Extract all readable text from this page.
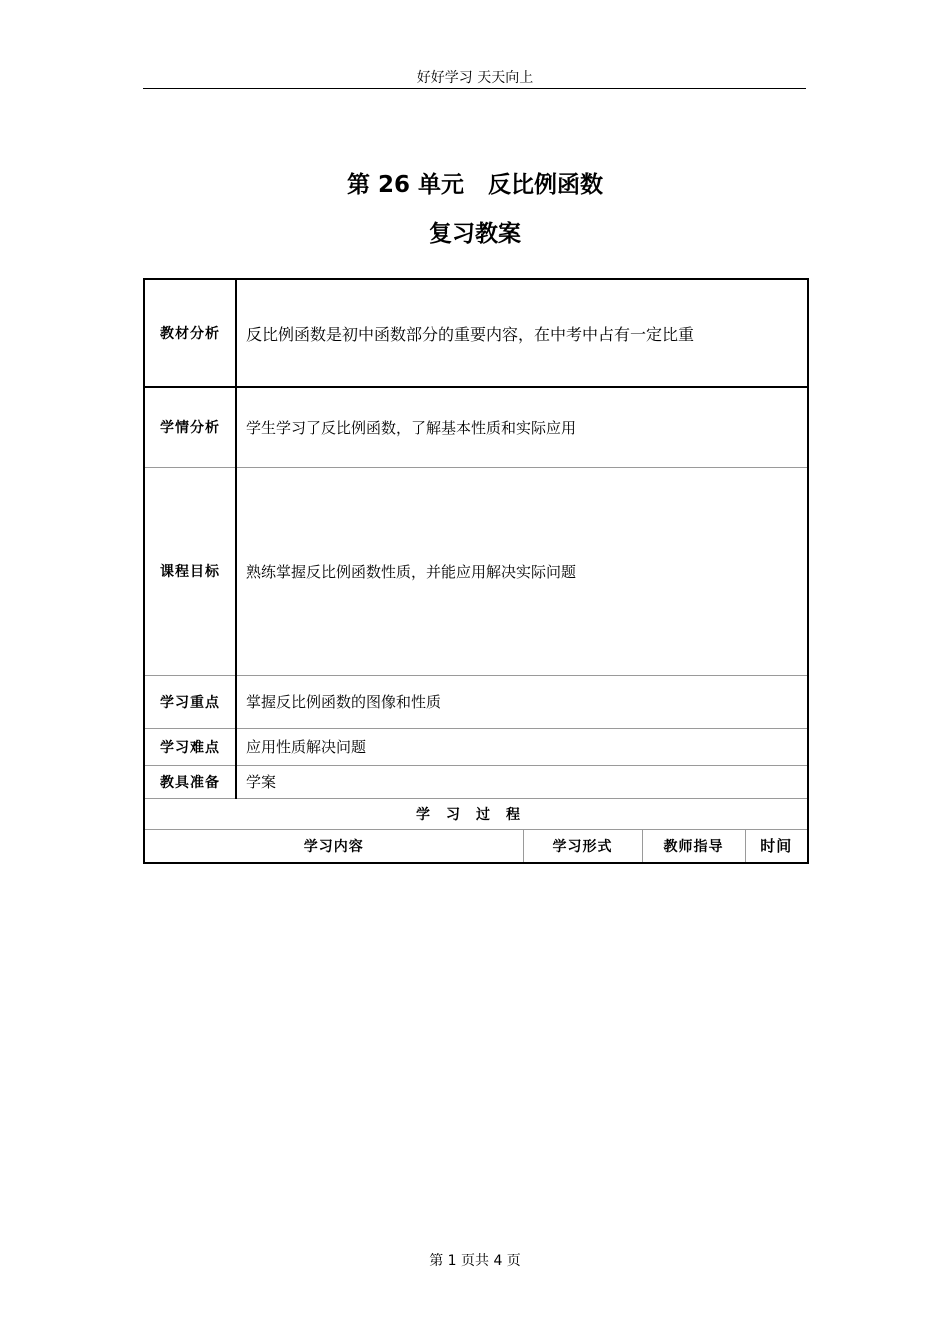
好好学习 天天向上
第 26 单元 反比例函数
复习教案
教材分析	反比例函数是初中函数部分的重要内容，在中考中占有一定比重			
学情分析	学生学习了反比例函数，了解基本性质和实际应用			
课程目标	熟练掌握反比例函数性质，并能应用解决实际问题			
学习重点	掌握反比例函数的图像和性质			
学习难点	应用性质解决问题			
教具准备	学案			
学习过程				
学习内容		学习形式	教师指导	时间
第 1 页共 4 页
